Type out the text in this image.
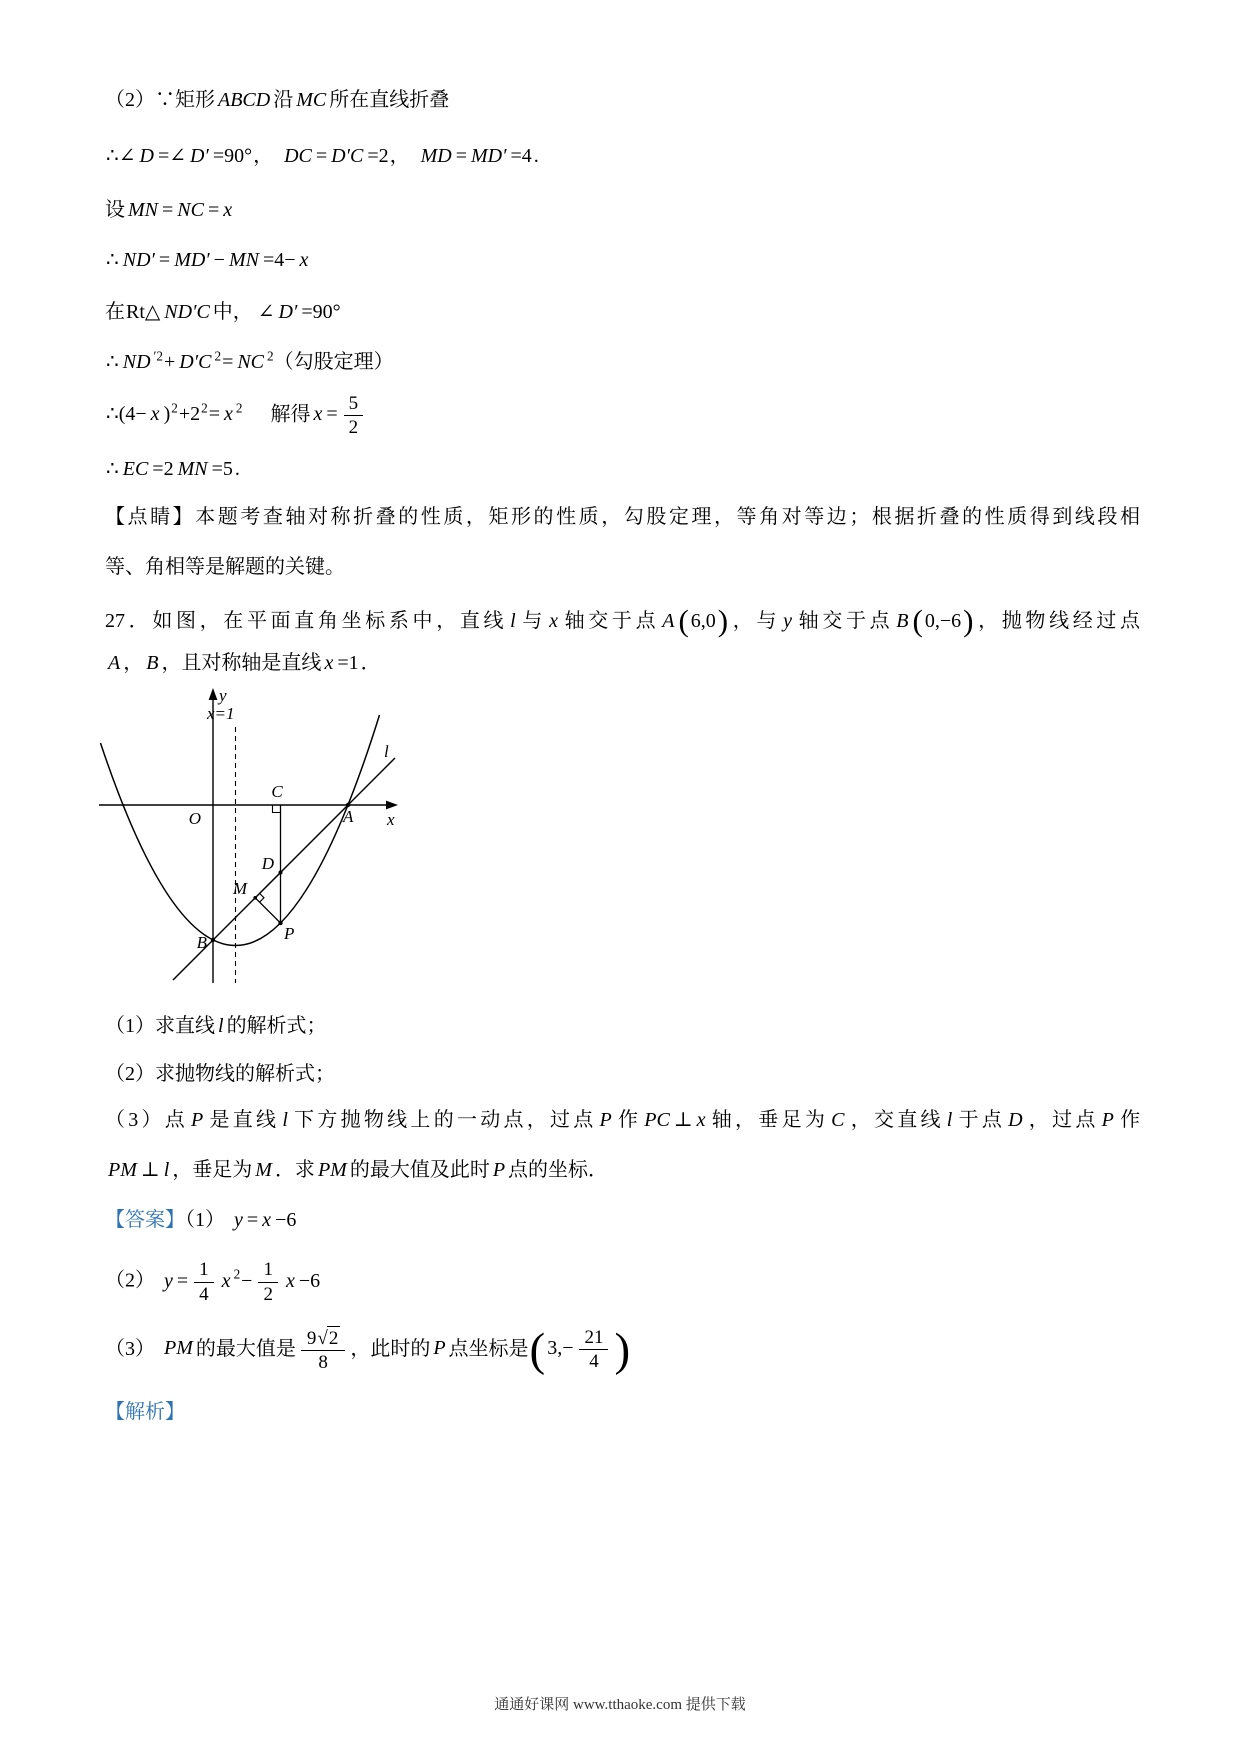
（2）∵矩形 ABCD 沿 MC 所在直线折叠
∴∠ D =∠ D′ =90°， DC = D′C =2， MD = MD′ =4 .
设 MN = NC = x
∴ ND′ = MD′ − MN =4− x
在Rt△ ND′C 中， ∠ D′ =90°
∴ ND $^{'2}$+ D′C $^2$= NC $^2$（勾股定理）
∴(4− x )$^2+2^2= x$ $^2$ 解得 $x = \frac{5}{2}$
∴ EC =2 MN =5 .
【点睛】本题考查轴对称折叠的性质，矩形的性质，勾股定理，等角对等边；根据折叠的性质得到线段相
等、角相等是解题的关键。
27．如图，在平面直角坐标系中，直线 l 与 x 轴交于点 A ( 6,0)，与 y 轴交于点 B ( 0,−6)，抛物线经过点
A ， B ，且对称轴是直线 x =1 ．
y
x=1
l
O	A x
B
C
D
M
P
（1）求直线 l 的解析式；
（2）求抛物线的解析式；
（3）点 P 是直线 l 下方抛物线上的一动点，过点 P 作 PC ⊥ x 轴，垂足为 C ，交直线 l 于点 D ，过点 P 作
PM ⊥ l ，垂足为 M ．求 PM 的最大值及此时 P 点的坐标．
【答案】（1） y = x −6
（2） $y = \frac{1}{4}$ x $^2- \frac{1}{2}$ x −6
（3） PM 的最大值是 $\frac{9 √ 2}{8}$ ，此时的 P 点坐标是( $3,- \frac{21}{4}$ )
【解析】
通通好课网 www.tthaoke.com 提供下载
